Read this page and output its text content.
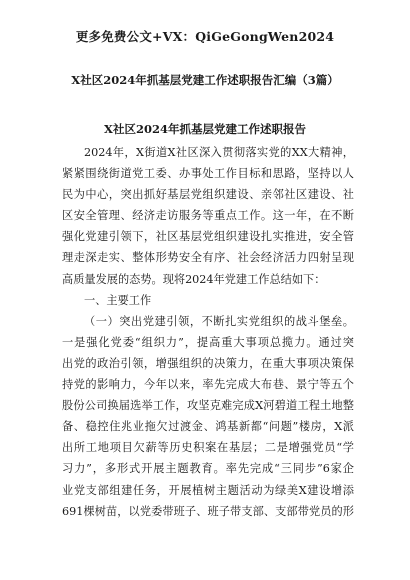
更多免费公文+VX：QiGeGongWen2024
X社区2024年抓基层党建工作述职报告汇编（3篇）
X社区2024年抓基层党建工作述职报告
2024年，X街道X社区深入贯彻落实党的XX大精神，
紧紧围绕街道党工委、办事处工作目标和思路，坚持以人
民为中心，突出抓好基层党组织建设、亲邻社区建设、社
区安全管理、经济走访服务等重点工作。这一年，在不断
强化党建引领下，社区基层党组织建设扎实推进，安全管
理走深走实、整体形势安全有序、社会经济活力四射呈现
高质量发展的态势。现将2024年党建工作总结如下：
一、主要工作
（一）突出党建引领，不断扎实党组织的战斗堡垒。
一是强化党委“组织力”，提高重大事项总揽力。通过突
出党的政治引领，增强组织的决策力，在重大事项决策保
持党的影响力，今年以来，率先完成大布巷、景宁等五个
股份公司换届选举工作，攻坚克难完成X河碧道工程土地整
备、稳控住兆业拖欠过渡金、鸿基新都“问题”楼房，X派
出所工地项目欠薪等历史积案在基层；二是增强党员“学
习力”，多形式开展主题教育。率先完成“三同步”6家企
业党支部组建任务，开展植树主题活动为绿美X建设增添
691棵树苗，以党委带班子、班子带支部、支部带党员的形
